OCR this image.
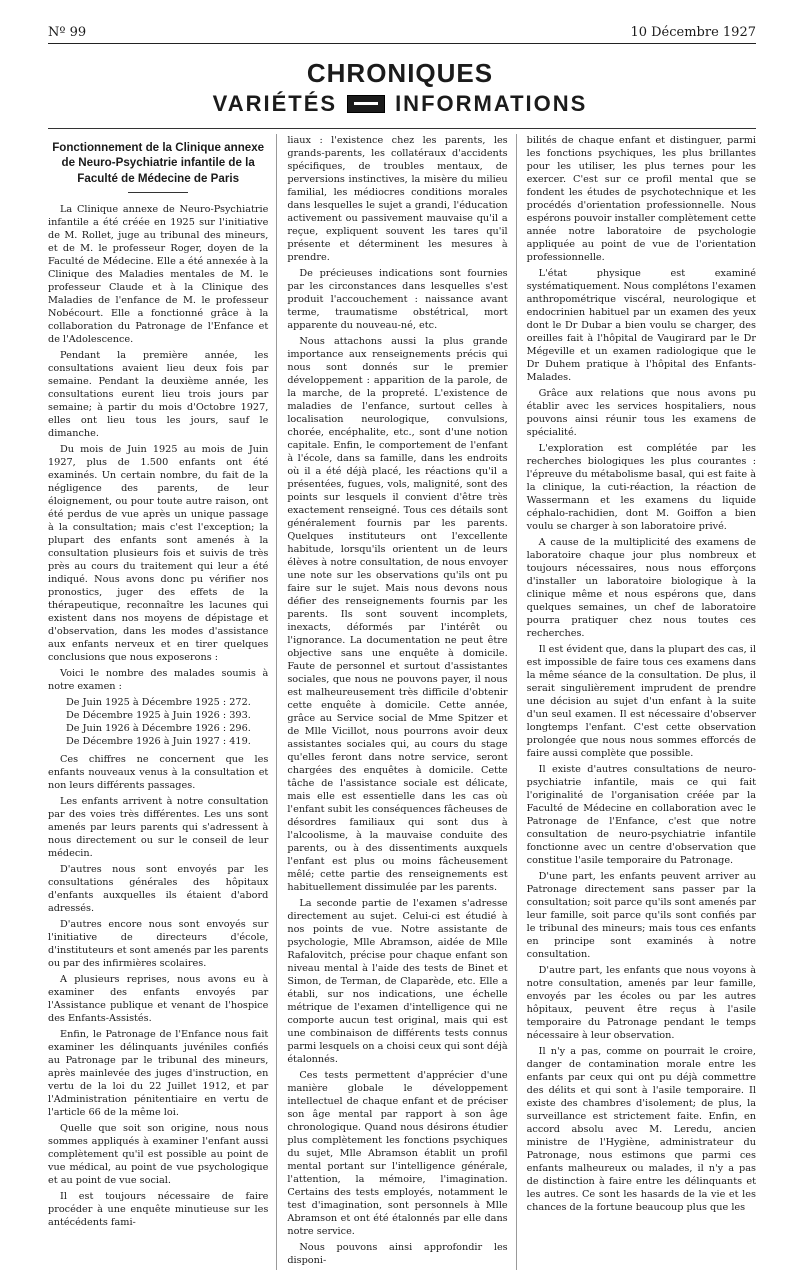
Nº 99	10 Décembre 1927
CHRONIQUES
VARIÉTÉS	INFORMATIONS
Fonctionnement de la Clinique annexe de Neuro-Psychiatrie infantile de la Faculté de Médecine de Paris

La Clinique annexe de Neuro-Psychiatrie infantile a été créée en 1925 sur l'initiative de M. Rollet, juge au tribunal des mineurs, et de M. le professeur Roger, doyen de la Faculté de Médecine. Elle a été annexée à la Clinique des Maladies mentales de M. le professeur Claude et à la Clinique des Maladies de l'enfance de M. le professeur Nobécourt. Elle a fonctionné grâce à la collaboration du Patronage de l'Enfance et de l'Adolescence.

Pendant la première année, les consultations avaient lieu deux fois par semaine. Pendant la deuxième année, les consultations eurent lieu trois jours par semaine; à partir du mois d'Octobre 1927, elles ont lieu tous les jours, sauf le dimanche.

Du mois de Juin 1925 au mois de Juin 1927, plus de 1.500 enfants ont été examinés. Un certain nombre, du fait de la négligence des parents, de leur éloignement, ou pour toute autre raison, ont été perdus de vue après un unique passage à la consultation; mais c'est l'exception; la plupart des enfants sont amenés à la consultation plusieurs fois et suivis de très près au cours du traitement qui leur a été indiqué. Nous avons donc pu vérifier nos pronostics, juger des effets de la thérapeutique, reconnaître les lacunes qui existent dans nos moyens de dépistage et d'observation, dans les modes d'assistance aux enfants nerveux et en tirer quelques conclusions que nous exposerons :

Voici le nombre des malades soumis à notre examen :

De Juin 1925 à Décembre 1925 : 272.
De Décembre 1925 à Juin 1926 : 393.
De Juin 1926 à Décembre 1926 : 296.
De Décembre 1926 à Juin 1927 : 419.

Ces chiffres ne concernent que les enfants nouveaux venus à la consultation et non leurs différents passages.

Les enfants arrivent à notre consultation par des voies très différentes. Les uns sont amenés par leurs parents qui s'adressent à nous directement ou sur le conseil de leur médecin.

D'autres nous sont envoyés par les consultations générales des hôpitaux d'enfants auxquelles ils étaient d'abord adressés.

D'autres encore nous sont envoyés sur l'initiative de directeurs d'école, d'instituteurs et sont amenés par les parents ou par des infirmières scolaires.

A plusieurs reprises, nous avons eu à examiner des enfants envoyés par l'Assistance publique et venant de l'hospice des Enfants-Assistés.

Enfin, le Patronage de l'Enfance nous fait examiner les délinquants juvéniles confiés au Patronage par le tribunal des mineurs, après mainlevée des juges d'instruction, en vertu de la loi du 22 Juillet 1912, et par l'Administration pénitentiaire en vertu de l'article 66 de la même loi.

Quelle que soit son origine, nous nous sommes appliqués à examiner l'enfant aussi complètement qu'il est possible au point de vue médical, au point de vue psychologique et au point de vue social.

Il est toujours nécessaire de faire procéder à une enquête minutieuse sur les antécédents fami-

liaux : l'existence chez les parents, les grands-parents, les collatéraux d'accidents spécifiques, de troubles mentaux, de perversions instinctives, la misère du milieu familial, les médiocres conditions morales dans lesquelles le sujet a grandi, l'éducation activement ou passivement mauvaise qu'il a reçue, expliquent souvent les tares qu'il présente et déterminent les mesures à prendre.

De précieuses indications sont fournies par les circonstances dans lesquelles s'est produit l'accouchement : naissance avant terme, traumatisme obstétrical, mort apparente du nouveau-né, etc.

Nous attachons aussi la plus grande importance aux renseignements précis qui nous sont donnés sur le premier développement : apparition de la parole, de la marche, de la propreté. L'existence de maladies de l'enfance, surtout celles à localisation neurologique, convulsions, chorée, encéphalite, etc., sont d'une notion capitale. Enfin, le comportement de l'enfant à l'école, dans sa famille, dans les endroits où il a été déjà placé, les réactions qu'il a présentées, fugues, vols, malignité, sont des points sur lesquels il convient d'être très exactement renseigné. Tous ces détails sont généralement fournis par les parents. Quelques instituteurs ont l'excellente habitude, lorsqu'ils orientent un de leurs élèves à notre consultation, de nous envoyer une note sur les observations qu'ils ont pu faire sur le sujet. Mais nous devons nous défier des renseignements fournis par les parents. Ils sont souvent incomplets, inexacts, déformés par l'intérêt ou l'ignorance. La documentation ne peut être objective sans une enquête à domicile. Faute de personnel et surtout d'assistantes sociales, que nous ne pouvons payer, il nous est malheureusement très difficile d'obtenir cette enquête à domicile. Cette année, grâce au Service social de Mme Spitzer et de Mlle Vicillot, nous pourrons avoir deux assistantes sociales qui, au cours du stage qu'elles feront dans notre service, seront chargées des enquêtes à domicile. Cette tâche de l'assistance sociale est délicate, mais elle est essentielle dans les cas où l'enfant subit les conséquences fâcheuses de désordres familiaux qui sont dus à l'alcoolisme, à la mauvaise conduite des parents, ou à des dissentiments auxquels l'enfant est plus ou moins fâcheusement mêlé; cette partie des renseignements est habituellement dissimulée par les parents.

La seconde partie de l'examen s'adresse directement au sujet. Celui-ci est étudié à nos points de vue. Notre assistante de psychologie, Mlle Abramson, aidée de Mlle Rafalovitch, précise pour chaque enfant son niveau mental à l'aide des tests de Binet et Simon, de Terman, de Claparède, etc. Elle a établi, sur nos indications, une échelle métrique de l'examen d'intelligence qui ne comporte aucun test original, mais qui est une combinaison de différents tests connus parmi lesquels on a choisi ceux qui sont déjà étalonnés.

Ces tests permettent d'apprécier d'une manière globale le développement intellectuel de chaque enfant et de préciser son âge mental par rapport à son âge chronologique. Quand nous désirons étudier plus complètement les fonctions psychiques du sujet, Mlle Abramson établit un profil mental portant sur l'intelligence générale, l'attention, la mémoire, l'imagination. Certains des tests employés, notamment le test d'imagination, sont personnels à Mlle Abramson et ont été étalonnés par elle dans notre service.

Nous pouvons ainsi approfondir les disponi-

bilités de chaque enfant et distinguer, parmi les fonctions psychiques, les plus brillantes pour les utiliser, les plus ternes pour les exercer. C'est sur ce profil mental que se fondent les études de psychotechnique et les procédés d'orientation professionnelle. Nous espérons pouvoir installer complètement cette année notre laboratoire de psychologie appliquée au point de vue de l'orientation professionnelle.

L'état physique est examiné systématiquement. Nous complétons l'examen anthropométrique viscéral, neurologique et endocrinien habituel par un examen des yeux dont le Dr Dubar a bien voulu se charger, des oreilles fait à l'hôpital de Vaugirard par le Dr Mégeville et un examen radiologique que le Dr Duhem pratique à l'hôpital des Enfants-Malades.

Grâce aux relations que nous avons pu établir avec les services hospitaliers, nous pouvons ainsi réunir tous les examens de spécialité.

L'exploration est complétée par les recherches biologiques les plus courantes : l'épreuve du métabolisme basal, qui est faite à la clinique, la cuti-réaction, la réaction de Wassermann et les examens du liquide céphalo-rachidien, dont M. Goiffon a bien voulu se charger à son laboratoire privé.

A cause de la multiplicité des examens de laboratoire chaque jour plus nombreux et toujours nécessaires, nous nous efforçons d'installer un laboratoire biologique à la clinique même et nous espérons que, dans quelques semaines, un chef de laboratoire pourra pratiquer chez nous toutes ces recherches.

Il est évident que, dans la plupart des cas, il est impossible de faire tous ces examens dans la même séance de la consultation. De plus, il serait singulièrement imprudent de prendre une décision au sujet d'un enfant à la suite d'un seul examen. Il est nécessaire d'observer longtemps l'enfant. C'est cette observation prolongée que nous nous sommes efforcés de faire aussi complète que possible.

Il existe d'autres consultations de neuro-psychiatrie infantile, mais ce qui fait l'originalité de l'organisation créée par la Faculté de Médecine en collaboration avec le Patronage de l'Enfance, c'est que notre consultation de neuro-psychiatrie infantile fonctionne avec un centre d'observation que constitue l'asile temporaire du Patronage.

D'une part, les enfants peuvent arriver au Patronage directement sans passer par la consultation; soit parce qu'ils sont amenés par leur famille, soit parce qu'ils sont confiés par le tribunal des mineurs; mais tous ces enfants en principe sont examinés à notre consultation.

D'autre part, les enfants que nous voyons à notre consultation, amenés par leur famille, envoyés par les écoles ou par les autres hôpitaux, peuvent être reçus à l'asile temporaire du Patronage pendant le temps nécessaire à leur observation.

Il n'y a pas, comme on pourrait le croire, danger de contamination morale entre les enfants par ceux qui ont pu déjà commettre des délits et qui sont à l'asile temporaire. Il existe des chambres d'isolement; de plus, la surveillance est strictement faite. Enfin, en accord absolu avec M. Leredu, ancien ministre de l'Hygiène, administrateur du Patronage, nous estimons que parmi ces enfants malheureux ou malades, il n'y a pas de distinction à faire entre les délinquants et les autres. Ce sont les hasards de la vie et les chances de la fortune beaucoup plus que les
